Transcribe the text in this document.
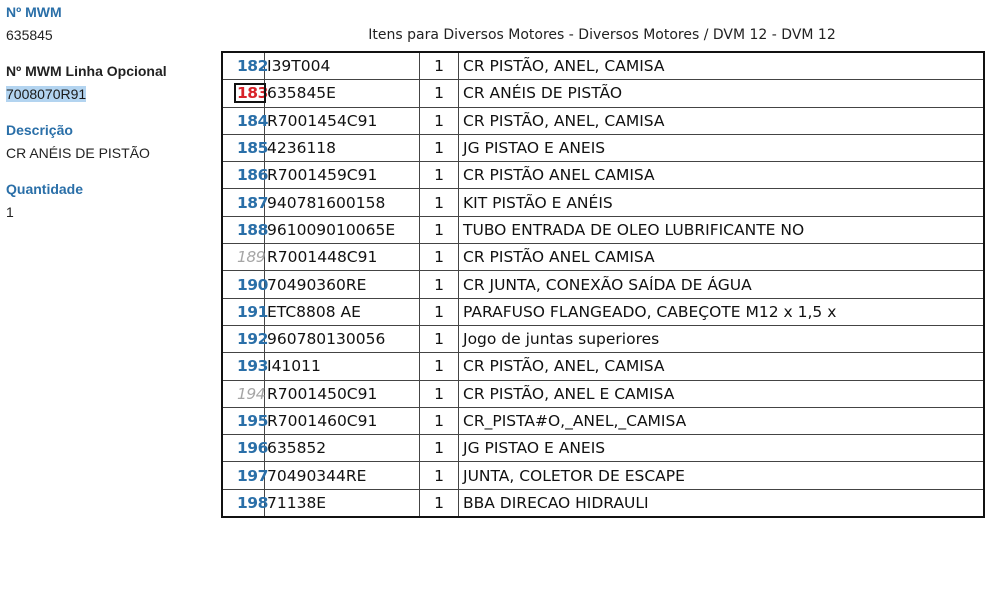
Nº MWM
635845
Nº MWM Linha Opcional
7008070R91
Descrição
CR ANÉIS DE PISTÃO
Quantidade
1
Itens para Diversos Motores - Diversos Motores / DVM 12 - DVM 12
182	I39T004	1	CR PISTÃO, ANEL, CAMISA
183	635845E	1	CR ANÉIS DE PISTÃO
184	R7001454C91	1	CR PISTÃO, ANEL, CAMISA
185	4236118	1	JG PISTAO E ANEIS
186	R7001459C91	1	CR PISTÃO ANEL CAMISA
187	940781600158	1	KIT PISTÃO E ANÉIS
188	961009010065E	1	TUBO ENTRADA DE OLEO LUBRIFICANTE NO
189	R7001448C91	1	CR PISTÃO ANEL CAMISA
190	70490360RE	1	CR JUNTA, CONEXÃO SAÍDA DE ÁGUA
191	ETC8808 AE	1	PARAFUSO FLANGEADO, CABEÇOTE M12 x 1,5 x
192	960780130056	1	Jogo de juntas superiores
193	I41011	1	CR PISTÃO, ANEL, CAMISA
194	R7001450C91	1	CR PISTÃO, ANEL E CAMISA
195	R7001460C91	1	CR_PISTA#O,_ANEL,_CAMISA
196	635852	1	JG PISTAO E ANEIS
197	70490344RE	1	JUNTA, COLETOR DE ESCAPE
198	71138E	1	BBA DIRECAO HIDRAULI
